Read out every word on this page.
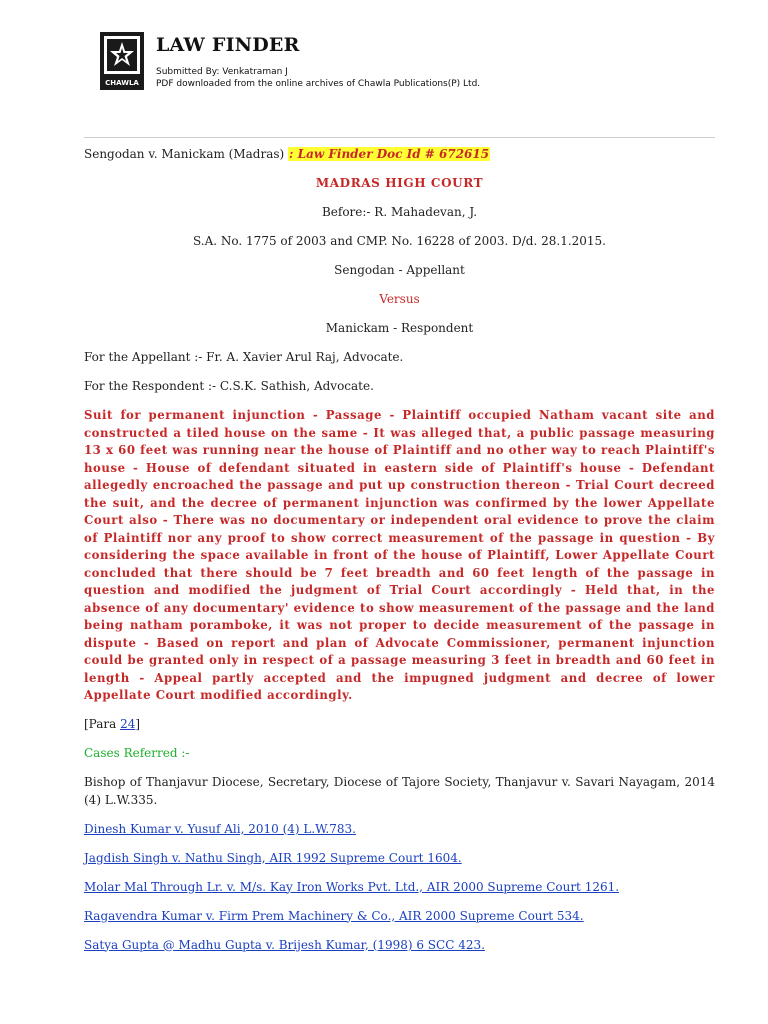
CHAWLA
LAW FINDER
Submitted By: Venkatraman J
PDF downloaded from the online archives of Chawla Publications(P) Ltd.

Sengodan v. Manickam (Madras) : Law Finder Doc Id # 672615

MADRAS HIGH COURT

Before:- R. Mahadevan, J.

S.A. No. 1775 of 2003 and CMP. No. 16228 of 2003. D/d. 28.1.2015.

Sengodan - Appellant

Versus

Manickam - Respondent

For the Appellant :- Fr. A. Xavier Arul Raj, Advocate.

For the Respondent :- C.S.K. Sathish, Advocate.

Suit for permanent injunction - Passage - Plaintiff occupied Natham vacant site and constructed a tiled house on the same - It was alleged that, a public passage measuring 13 x 60 feet was running near the house of Plaintiff and no other way to reach Plaintiff's house - House of defendant situated in eastern side of Plaintiff's house - Defendant allegedly encroached the passage and put up construction thereon - Trial Court decreed the suit, and the decree of permanent injunction was confirmed by the lower Appellate Court also - There was no documentary or independent oral evidence to prove the claim of Plaintiff nor any proof to show correct measurement of the passage in question - By considering the space available in front of the house of Plaintiff, Lower Appellate Court concluded that there should be 7 feet breadth and 60 feet length of the passage in question and modified the judgment of Trial Court accordingly - Held that, in the absence of any documentary' evidence to show measurement of the passage and the land being natham poramboke, it was not proper to decide measurement of the passage in dispute - Based on report and plan of Advocate Commissioner, permanent injunction could be granted only in respect of a passage measuring 3 feet in breadth and 60 feet in length - Appeal partly accepted and the impugned judgment and decree of lower Appellate Court modified accordingly.

[Para 24]

Cases Referred :-

Bishop of Thanjavur Diocese, Secretary, Diocese of Tajore Society, Thanjavur v. Savari Nayagam, 2014 (4) L.W.335.

Dinesh Kumar v. Yusuf Ali, 2010 (4) L.W.783.

Jagdish Singh v. Nathu Singh, AIR 1992 Supreme Court 1604.

Molar Mal Through Lr. v. M/s. Kay Iron Works Pvt. Ltd., AIR 2000 Supreme Court 1261.

Ragavendra Kumar v. Firm Prem Machinery & Co., AIR 2000 Supreme Court 534.

Satya Gupta @ Madhu Gupta v. Brijesh Kumar, (1998) 6 SCC 423.
